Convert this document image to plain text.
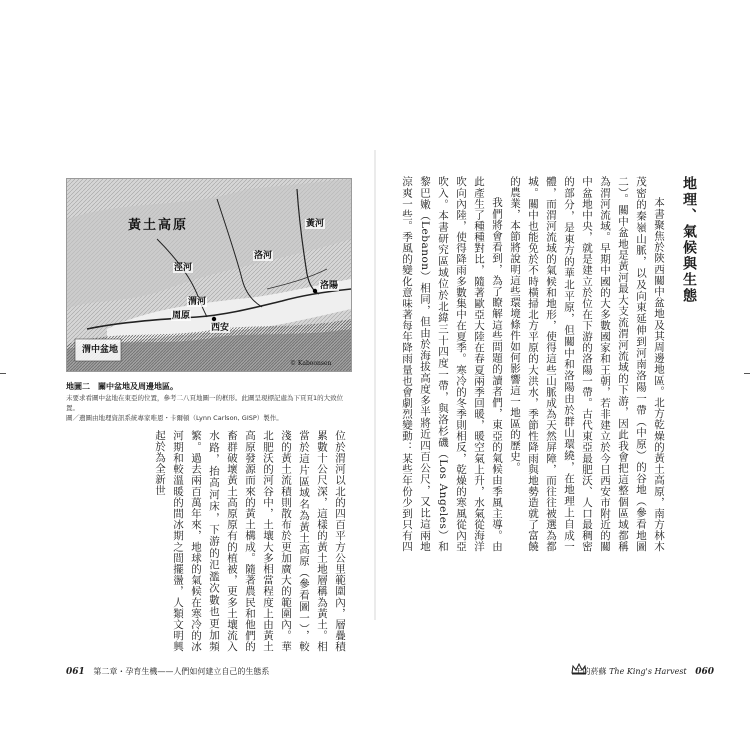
黃土高原
涇河
洛河
渭河
洛陽
西安
周原
黃河
渭中盆地
© Kaboonsen
地圖二　關中盆地及周邊地區。
未要求看圖中盆地在東亞的位置，參考二八頁地圖一的框形。此圖呈現標記處為下頁頁1的大致位置。
圖／遺圖由地理資訊系統專家唯恩・卡爾頓（Lynn Carlson, GISP）製作。
位於渭河以北的四百平方公里範圍內，層疊積累數十公尺深，這樣的黃土地層稱為黃土。相當於這片區域名為黃土高原（參看圖一），較淺的黃土流積則散布於更加廣大的範圍內。華北肥沃的河谷中，土壤大多相當程度上由黃土高原發源而來的黃土構成。隨著農民和他們的畜群破壞黃土高原原有的植被，更多土壤流入水路，抬高河床，下游的氾濫次數也更加頻繁。過去兩百萬年來，地球的氣候在寒冷的冰河期和較溫暖的間冰期之間擺盪，人類文明興起於為全新世
地理、氣候與生態
本書聚焦於陝西關中盆地及其周邊地區。北方乾燥的黃土高原，南方林木茂密的秦嶺山脈，以及向東延伸到河南洛陽一帶（中原）的谷地（參看地圖二）。關中盆地是黃河最大支流渭河流域的下游，因此我會把這整個區域都稱為渭河流域。早期中國的大多數國家和王朝，若非建立於今日西安市附近的關中盆地中央，就是建立於位在下游的洛陽一帶。古代東亞最肥沃、人口最稠密的部分，是東方的華北平原，但關中和洛陽由於群山環繞，在地理上自成一體，而渭河流域的氣候和地形，使得這些山脈成為天然屏障，而往往被選為都城。關中也能免於不時橫掃北方平原的大洪水，季節性降雨與地勢造就了富饒的農業，本節將說明這些環境條件如何影響這一地區的歷史。
我們將會看到，為了瞭解這些問題的讀者們，東亞的氣候由季風主導。由此產生了種種對比，隨著歐亞大陸在春夏兩季回暖，暖空氣上升，水氣從海洋吹向內陸，使得降雨多數集中在夏季。寒冷的冬季則相反，乾燥的寒風從內亞吹入。本書研究區域位於北緯三十四度一帶，與洛杉磯（Los Angeles）和黎巴嫩（Lebanon）相同，但由於海拔高度多半將近四百公尺，又比這兩地涼爽一些。季風的變化意味著每年降雨量也會劇烈變動：某些年份少到只有四
061 第二章・孕育生機——人們如何建立自己的生態系	王的菸蘇 The King's Harvest 060
